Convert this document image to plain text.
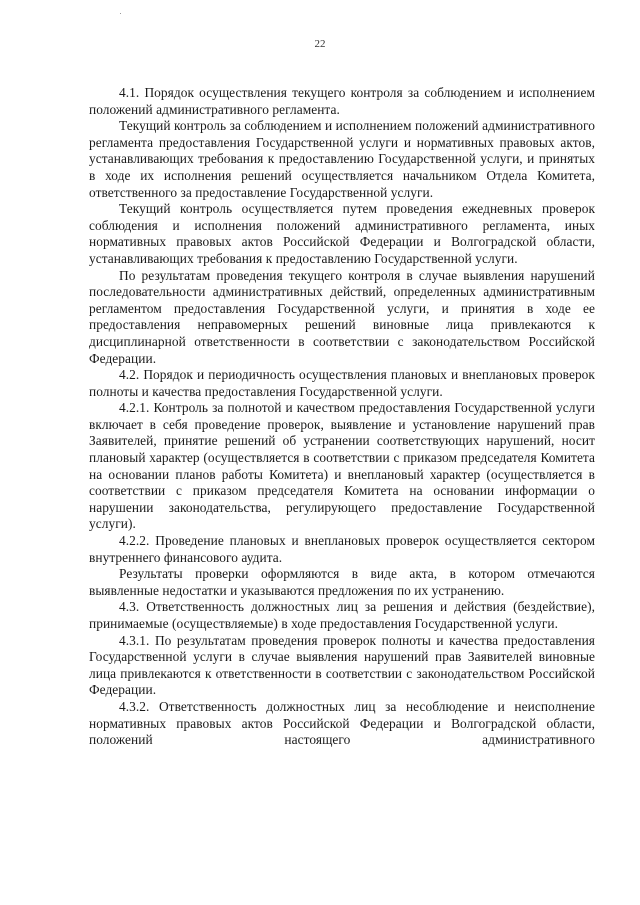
22

4.1. Порядок осуществления текущего контроля за соблюдением и исполнением положений административного регламента.

Текущий контроль за соблюдением и исполнением положений административного регламента предоставления Государственной услуги и нормативных правовых актов, устанавливающих требования к предоставлению Государственной услуги, и принятых в ходе их исполнения решений осуществляется начальником Отдела Комитета, ответственного за предоставление Государственной услуги.

Текущий контроль осуществляется путем проведения ежедневных проверок соблюдения и исполнения положений административного регламента, иных нормативных правовых актов Российской Федерации и Волгоградской области, устанавливающих требования к предоставлению Государственной услуги.

По результатам проведения текущего контроля в случае выявления нарушений последовательности административных действий, определенных административным регламентом предоставления Государственной услуги, и принятия в ходе ее предоставления неправомерных решений виновные лица привлекаются к дисциплинарной ответственности в соответствии с законодательством Российской Федерации.

4.2. Порядок и периодичность осуществления плановых и внеплановых проверок полноты и качества предоставления Государственной услуги.

4.2.1. Контроль за полнотой и качеством предоставления Государственной услуги включает в себя проведение проверок, выявление и установление нарушений прав Заявителей, принятие решений об устранении соответствующих нарушений, носит плановый характер (осуществляется в соответствии с приказом председателя Комитета на основании планов работы Комитета) и внеплановый характер (осуществляется в соответствии с приказом председателя Комитета на основании информации о нарушении законодательства, регулирующего предоставление Государственной услуги).

4.2.2. Проведение плановых и внеплановых проверок осуществляется сектором внутреннего финансового аудита.

Результаты проверки оформляются в виде акта, в котором отмечаются выявленные недостатки и указываются предложения по их устранению.

4.3. Ответственность должностных лиц за решения и действия (бездействие), принимаемые (осуществляемые) в ходе предоставления Государственной услуги.

4.3.1. По результатам проведения проверок полноты и качества предоставления Государственной услуги в случае выявления нарушений прав Заявителей виновные лица привлекаются к ответственности в соответствии с законодательством Российской Федерации.

4.3.2. Ответственность должностных лиц за несоблюдение и неисполнение нормативных правовых актов Российской Федерации и Волгоградской области, положений настоящего административного
